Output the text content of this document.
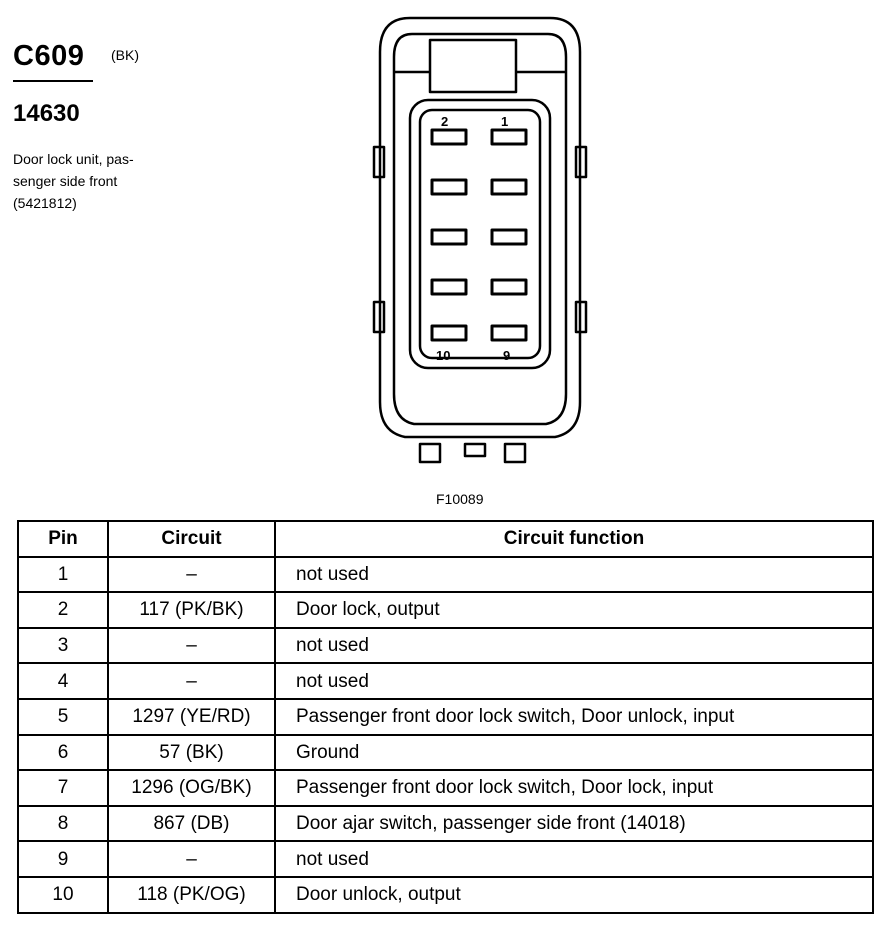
C609 (BK)
14630
Door lock unit, pas-
senger side front
(5421812)
2	1
10	9
F10089
Pin	Circuit	Circuit function
1	–	not used
2	117 (PK/BK)	Door lock, output
3	–	not used
4	–	not used
5	1297 (YE/RD)	Passenger front door lock switch, Door unlock, input
6	57 (BK)	Ground
7	1296 (OG/BK)	Passenger front door lock switch, Door lock, input
8	867 (DB)	Door ajar switch, passenger side front (14018)
9	–	not used
10	118 (PK/OG)	Door unlock, output
